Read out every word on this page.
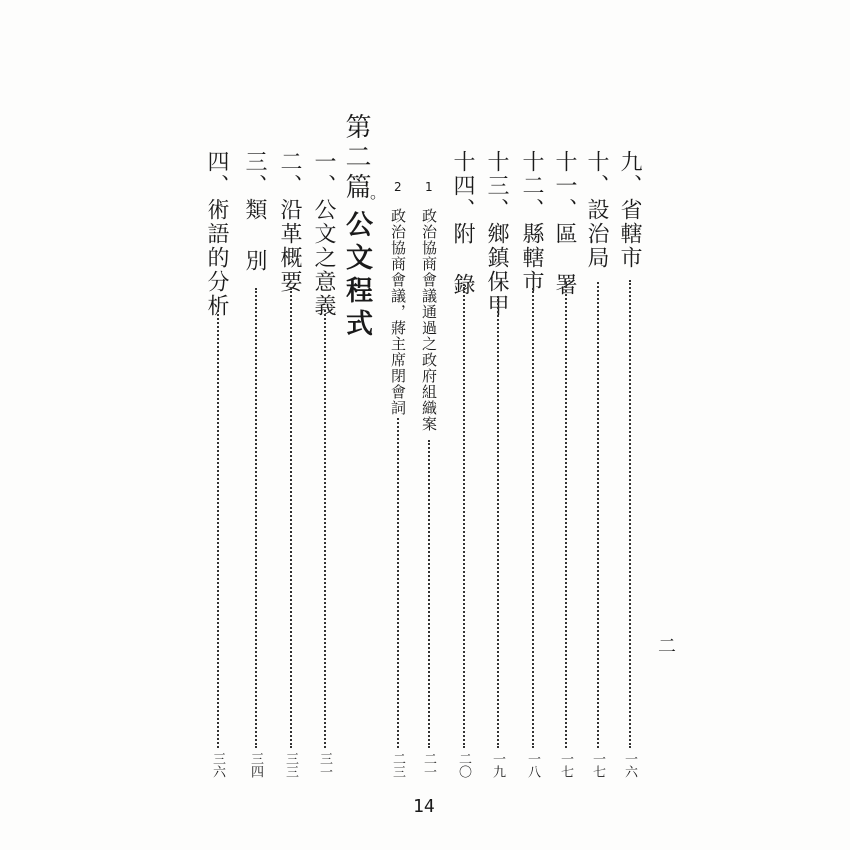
二
九、省轄市
一六
十、設治局
一七
十一、區 署
一七
十二、縣轄市
一八
十三、鄉鎮保甲
一九
十四、附 錄
二〇
1
政治協商會議通過之政府組織案
二一
2
政治協商會議，蔣主席閉會詞
二三
第二篇 。
公文程式
一、公文之意義
三一
二、沿革概要
三三
三、類 別
三四
四、術語的分析
三六
14
